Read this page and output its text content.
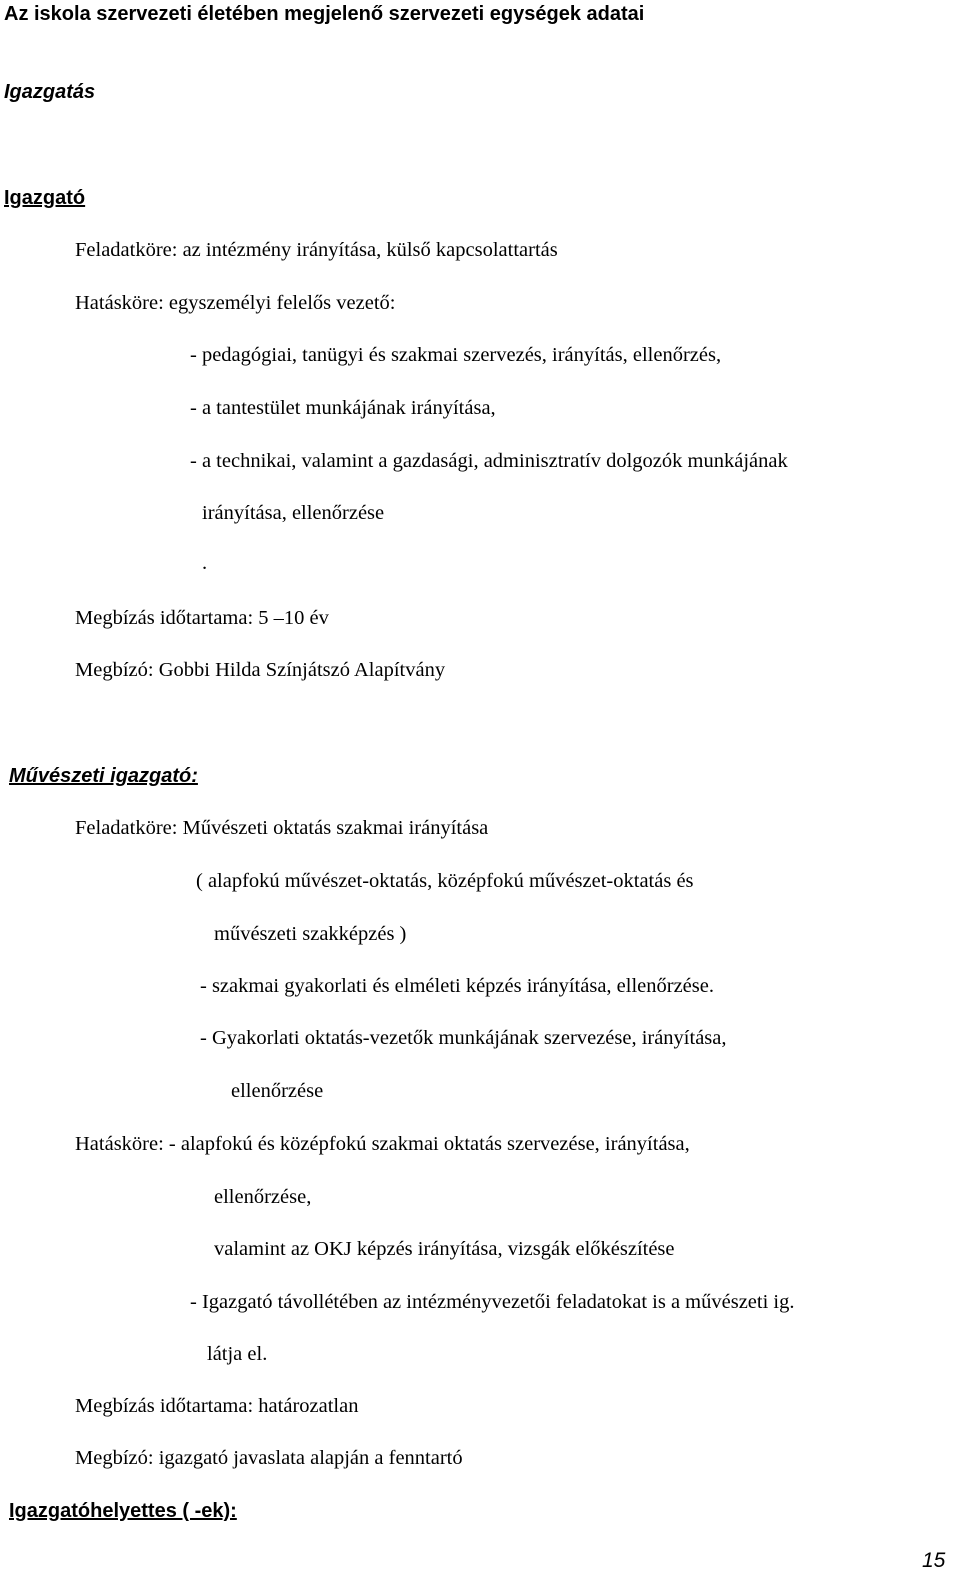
Az iskola szervezeti életében megjelenő szervezeti egységek adatai
Igazgatás
Igazgató
Feladatköre: az intézmény irányítása, külső kapcsolattartás
Hatásköre: egyszemélyi felelős vezető:
- pedagógiai, tanügyi és szakmai szervezés, irányítás, ellenőrzés,
- a tantestület munkájának irányítása,
- a technikai, valamint a gazdasági, adminisztratív dolgozók munkájának
irányítása, ellenőrzése
.
Megbízás időtartama: 5 –10 év
Megbízó: Gobbi Hilda Színjátszó Alapítvány
Művészeti igazgató:
Feladatköre: Művészeti oktatás szakmai irányítása
( alapfokú művészet-oktatás, középfokú művészet-oktatás és
művészeti szakképzés )
- szakmai gyakorlati és elméleti képzés irányítása, ellenőrzése.
- Gyakorlati oktatás-vezetők munkájának szervezése, irányítása,
ellenőrzése
Hatásköre: - alapfokú és középfokú szakmai oktatás szervezése, irányítása,
ellenőrzése,
valamint az OKJ képzés irányítása, vizsgák előkészítése
- Igazgató távollétében az intézményvezetői feladatokat is a művészeti ig.
látja el.
Megbízás időtartama: határozatlan
Megbízó: igazgató javaslata alapján a fenntartó
Igazgatóhelyettes ( -ek):
15
